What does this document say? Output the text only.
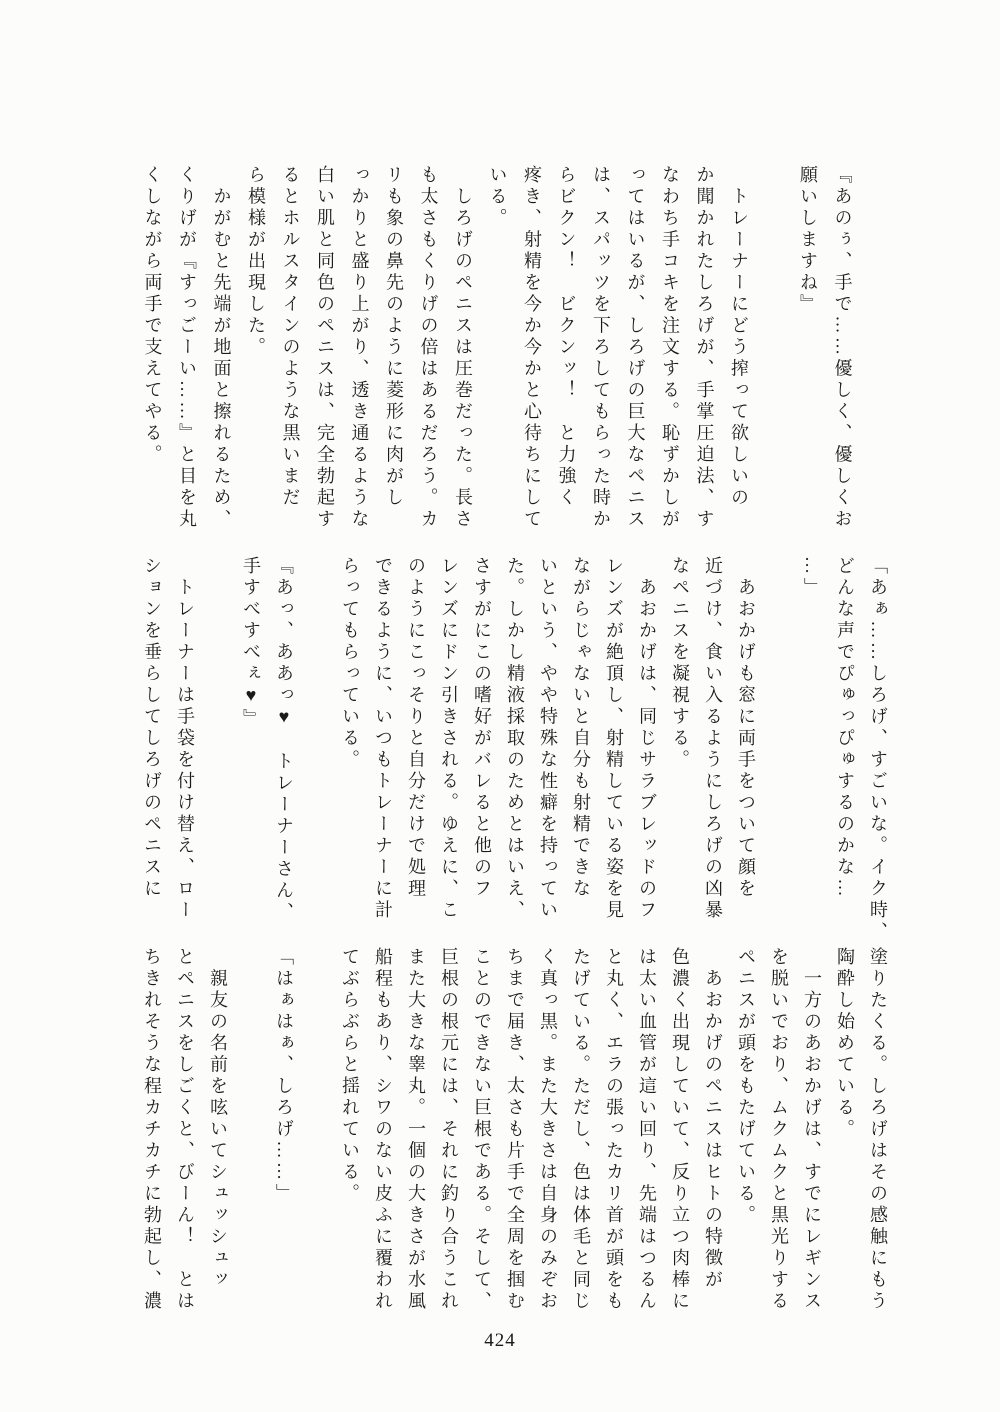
『あのぅ、手で……優しく、優しくお

願いしますね』

　トレーナーにどう搾って欲しいの

か聞かれたしろげが、手掌圧迫法、す

なわち手コキを注文する。恥ずかしが

ってはいるが、しろげの巨大なペニス

は、スパッツを下ろしてもらった時か

らビクン！　ビクンッ！　と力強く

疼き、射精を今か今かと心待ちにして

いる。

　しろげのペニスは圧巻だった。長さ

も太さもくりげの倍はあるだろう。カ

リも象の鼻先のように菱形に肉がし

っかりと盛り上がり、透き通るような

白い肌と同色のペニスは、完全勃起す

るとホルスタインのような黒いまだ

ら模様が出現した。

　かがむと先端が地面と擦れるため、

くりげが『すっごーい……』と目を丸

くしながら両手で支えてやる。

「あぁ……しろげ、すごいな。イク時、

どんな声でぴゅっぴゅするのかな…

…」

　あおかげも窓に両手をついて顔を

近づけ、食い入るようにしろげの凶暴

なペニスを凝視する。

　あおかげは、同じサラブレッドのフ

レンズが絶頂し、射精している姿を見

ながらじゃないと自分も射精できな

いという、やや特殊な性癖を持ってい

た。しかし精液採取のためとはいえ、

さすがにこの嗜好がバレると他のフ

レンズにドン引きされる。ゆえに、こ

のようにこっそりと自分だけで処理

できるように、いつもトレーナーに計

らってもらっている。

『あっ、ああっ♥　トレーナーさん、

手すべすべぇ♥』

　トレーナーは手袋を付け替え、ロー

ションを垂らしてしろげのペニスに

塗りたくる。しろげはその感触にもう

陶酔し始めている。

　一方のあおかげは、すでにレギンス

を脱いでおり、ムクムクと黒光りする

ペニスが頭をもたげている。

　あおかげのペニスはヒトの特徴が

色濃く出現していて、反り立つ肉棒に

は太い血管が這い回り、先端はつるん

と丸く、エラの張ったカリ首が頭をも

たげている。ただし、色は体毛と同じ

く真っ黒。また大きさは自身のみぞお

ちまで届き、太さも片手で全周を掴む

ことのできない巨根である。そして、

巨根の根元には、それに釣り合うこれ

また大きな睾丸。一個の大きさが水風

船程もあり、シワのない皮ふに覆われ

てぶらぶらと揺れている。

「はぁはぁ、しろげ……」

　親友の名前を呟いてシュッシュッ

とペニスをしごくと、びーん！　とは

ちきれそうな程カチカチに勃起し、濃

424
